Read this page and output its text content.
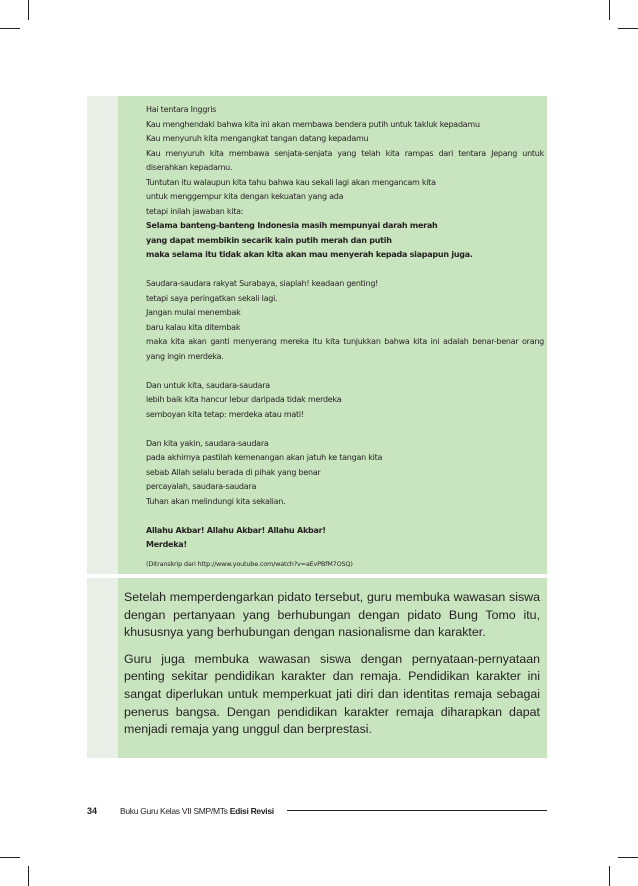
Hai tentara Inggris
Kau menghendaki bahwa kita ini akan membawa bendera putih untuk takluk kepadamu
Kau menyuruh kita mengangkat tangan datang kepadamu
Kau menyuruh kita membawa senjata-senjata yang telah kita rampas dari tentara Jepang untuk diserahkan kepadamu.
Tuntutan itu walaupun kita tahu bahwa kau sekali lagi akan mengancam kita
untuk menggempur kita dengan kekuatan yang ada
tetapi inilah jawaban kita:
Selama banteng-banteng Indonesia masih mempunyai darah merah
yang dapat membikin secarik kain putih merah dan putih
maka selama itu tidak akan kita akan mau menyerah kepada siapapun juga.
Saudara-saudara rakyat Surabaya, siaplah! keadaan genting!
tetapi saya peringatkan sekali lagi.
Jangan mulai menembak
baru kalau kita ditembak
maka kita akan ganti menyerang mereka itu kita tunjukkan bahwa kita ini adalah benar-benar orang yang ingin merdeka.
Dan untuk kita, saudara-saudara
lebih baik kita hancur lebur daripada tidak merdeka
semboyan kita tetap: merdeka atau mati!
Dan kita yakin, saudara-saudara
pada akhirnya pastilah kemenangan akan jatuh ke tangan kita
sebab Allah selalu berada di pihak yang benar
percayalah, saudara-saudara
Tuhan akan melindungi kita sekalian.
Allahu Akbar! Allahu Akbar! Allahu Akbar!
Merdeka!
(Ditranskrip dari http://www.youtube.com/watch?v=aEvPBfM7OSQ)

Setelah memperdengarkan pidato tersebut, guru membuka wawasan siswa dengan pertanyaan yang berhubungan dengan pidato Bung Tomo itu, khususnya yang berhubungan dengan nasionalisme dan karakter.

Guru juga membuka wawasan siswa dengan pernyataan-pernyataan penting sekitar pendidikan karakter dan remaja. Pendidikan karakter ini sangat diperlukan untuk memperkuat jati diri dan identitas remaja sebagai penerus bangsa. Dengan pendidikan karakter remaja diharapkan dapat menjadi remaja yang unggul dan berprestasi.

34	Buku Guru Kelas VII SMP/MTs Edisi Revisi
